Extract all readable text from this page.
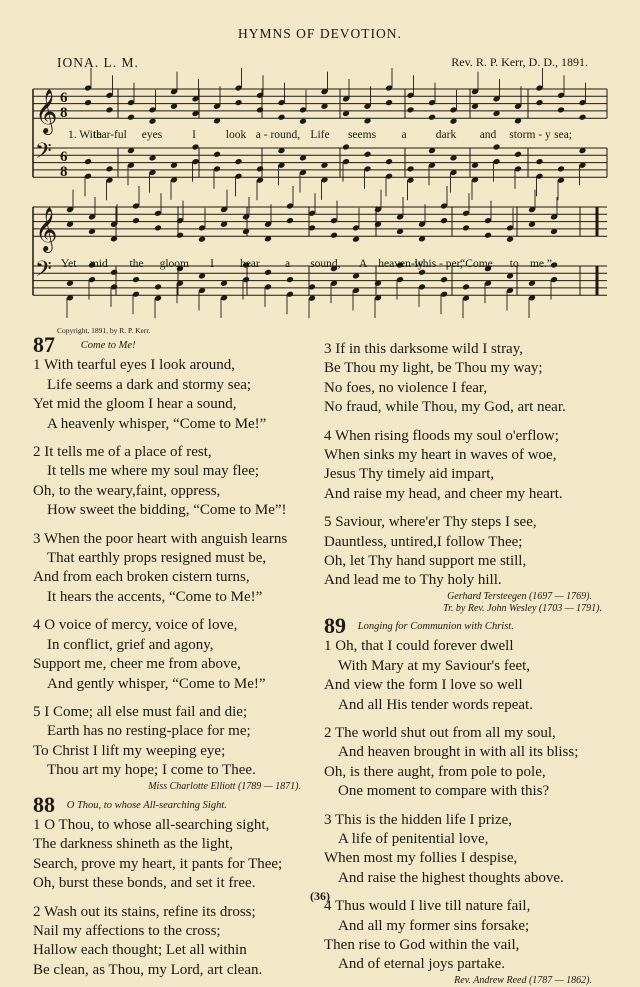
HYMNS OF DEVOTION.
IONA. L. M.	Rev. R. P. Kerr, D. D., 1891.
𝄞 6
8
𝄢 6
8
𝄞
𝄢
1. With
tear-ful eyes	I	look a - round, Life seems a	dark and storm - y sea;
Yet mid the gloom I hear a sound, A heaven-ly
whis - per,
“Come to me.”
Copyright, 1891, by R. P. Kerr.
87 Come to Me!
1 With tearful eyes I look around,
Life seems a dark and stormy sea;
Yet mid the gloom I hear a sound,
A heavenly whisper, “Come to Me!”
2 It tells me of a place of rest,
It tells me where my soul may flee;
Oh, to the weary,faint, oppress,
How sweet the bidding, “Come to Me”!
3 When the poor heart with anguish learns
That earthly props resigned must be,
And from each broken cistern turns,
It hears the accents, “Come to Me!”
4 O voice of mercy, voice of love,
In conflict, grief and agony,
Support me, cheer me from above,
And gently whisper, “Come to Me!”
5 I Come; all else must fail and die;
Earth has no resting-place for me;
To Christ I lift my weeping eye;
Thou art my hope; I come to Thee.
Miss Charlotte Elliott (1789 — 1871).
88 O Thou, to whose All-searching Sight.
1 O Thou, to whose all-searching sight,
The darkness shineth as the light,
Search, prove my heart, it pants for Thee;
Oh, burst these bonds, and set it free.
2 Wash out its stains, refine its dross;
Nail my affections to the cross;
Hallow each thought; Let all within
Be clean, as Thou, my Lord, art clean.
3 If in this darksome wild I stray,
Be Thou my light, be Thou my way;
No foes, no violence I fear,
No fraud, while Thou, my God, art near.
4 When rising floods my soul o'erflow;
When sinks my heart in waves of woe,
Jesus Thy timely aid impart,
And raise my head, and cheer my heart.
5 Saviour, where'er Thy steps I see,
Dauntless, untired,I follow Thee;
Oh, let Thy hand support me still,
And lead me to Thy holy hill.
Gerhard Tersteegen (1697 — 1769).
Tr. by Rev. John Wesley (1703 — 1791).
89 Longing for Communion with Christ.
1 Oh, that I could forever dwell
With Mary at my Saviour's feet,
And view the form I love so well
And all His tender words repeat.
2 The world shut out from all my soul,
And heaven brought in with all its bliss;
Oh, is there aught, from pole to pole,
One moment to compare with this?
3 This is the hidden life I prize,
A life of penitential love,
When most my follies I despise,
And raise the highest thoughts above.
4 Thus would I live till nature fail,
And all my former sins forsake;
Then rise to God within the vail,
And of eternal joys partake.
Rev. Andrew Reed (1787 — 1862).
(36)
